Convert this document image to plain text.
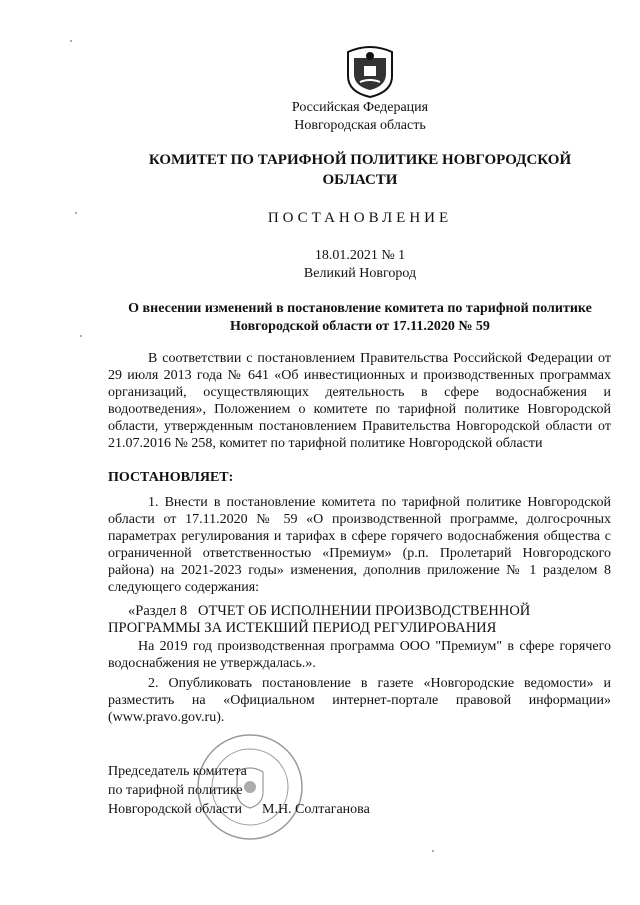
Российская Федерация
Новгородская область
КОМИТЕТ ПО ТАРИФНОЙ ПОЛИТИКЕ НОВГОРОДСКОЙ ОБЛАСТИ
ПОСТАНОВЛЕНИЕ
18.01.2021 № 1
Великий Новгород
О внесении изменений в постановление комитета по тарифной политике Новгородской области от 17.11.2020 № 59
В соответствии с постановлением Правительства Российской Федерации от 29 июля 2013 года № 641 «Об инвестиционных и производственных программах организаций, осуществляющих деятельность в сфере водоснабжения и водоотведения», Положением о комитете по тарифной политике Новгородской области, утвержденным постановлением Правительства Новгородской области от 21.07.2016 № 258, комитет по тарифной политике Новгородской области
ПОСТАНОВЛЯЕТ:
1. Внести в постановление комитета по тарифной политике Новгородской области от 17.11.2020 № 59 «О производственной программе, долгосрочных параметрах регулирования и тарифах в сфере горячего водоснабжения общества с ограниченной ответственностью «Премиум» (р.п. Пролетарий Новгородского района) на 2021-2023 годы» изменения, дополнив приложение № 1 разделом 8 следующего содержания:
«Раздел 8   ОТЧЕТ ОБ ИСПОЛНЕНИИ ПРОИЗВОДСТВЕННОЙ
ПРОГРАММЫ ЗА ИСТЕКШИЙ ПЕРИОД РЕГУЛИРОВАНИЯ
На 2019 год производственная программа ООО "Премиум" в сфере горячего водоснабжения не утверждалась.».
2. Опубликовать постановление в газете «Новгородские ведомости» и разместить на «Официальном интернет-портале правовой информации» (www.pravo.gov.ru).
Председатель комитета
по тарифной политике
Новгородской области	М.Н. Солтаганова
